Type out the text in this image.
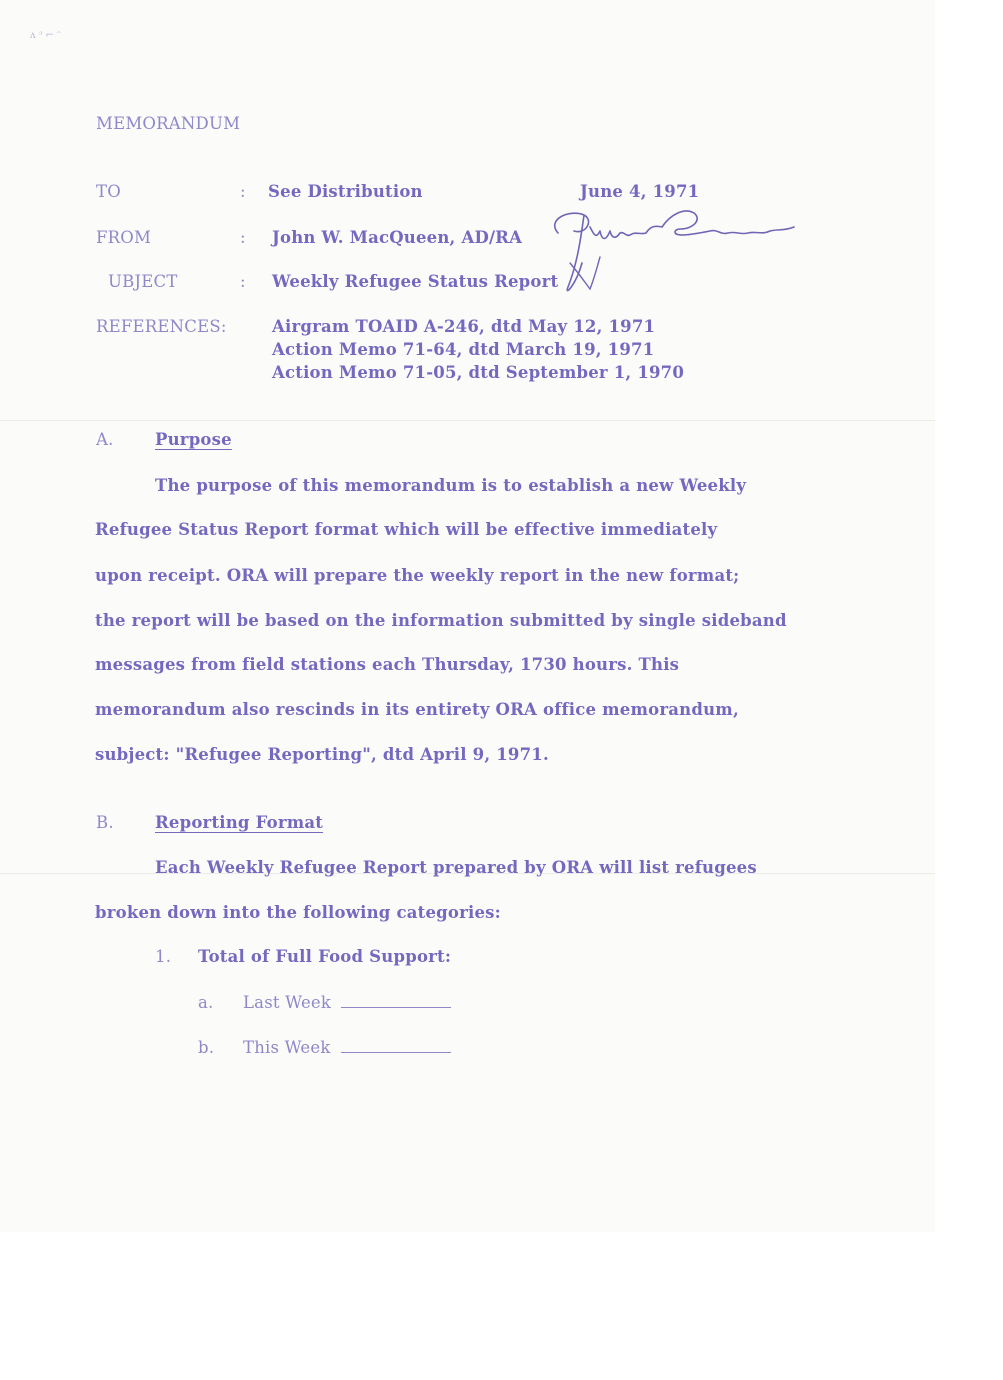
ᴧ ᵓ ⌐ ᵔ
MEMORANDUM
TO	: See Distribution	June 4, 1971
FROM	: John W. MacQueen, AD/RA
UBJECT	: Weekly Refugee Status Report
REFERENCES:	Airgram TOAID A-246, dtd May 12, 1971
Action Memo 71-64, dtd March 19, 1971
Action Memo 71-05, dtd September 1, 1970
A.	Purpose
The purpose of this memorandum is to establish a new Weekly
Refugee Status Report format which will be effective immediately
upon receipt. ORA will prepare the weekly report in the new format;
the report will be based on the information submitted by single sideband
messages from field stations each Thursday, 1730 hours. This
memorandum also rescinds in its entirety ORA office memorandum,
subject: "Refugee Reporting", dtd April 9, 1971.
B. Reporting Format
Each Weekly Refugee Report prepared by ORA will list refugees
broken down into the following categories:
1. Total of Full Food Support:
a. Last Week
b. This Week
